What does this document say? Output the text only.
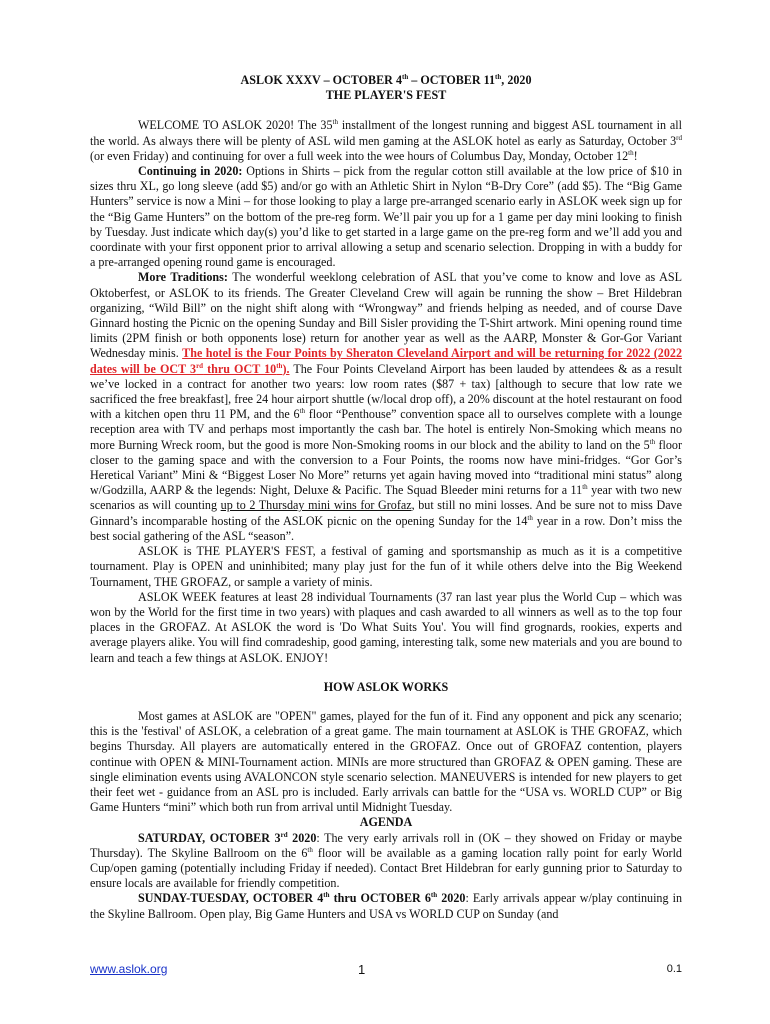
ASLOK XXXV – OCTOBER 4th – OCTOBER 11th, 2020
THE PLAYER'S FEST

WELCOME TO ASLOK 2020! The 35th installment of the longest running and biggest ASL tournament in all the world. As always there will be plenty of ASL wild men gaming at the ASLOK hotel as early as Saturday, October 3rd (or even Friday) and continuing for over a full week into the wee hours of Columbus Day, Monday, October 12th!

Continuing in 2020: Options in Shirts – pick from the regular cotton still available at the low price of $10 in sizes thru XL, go long sleeve (add $5) and/or go with an Athletic Shirt in Nylon “B-Dry Core” (add $5). The “Big Game Hunters” service is now a Mini – for those looking to play a large pre-arranged scenario early in ASLOK week sign up for the “Big Game Hunters” on the bottom of the pre-reg form. We’ll pair you up for a 1 game per day mini looking to finish by Tuesday. Just indicate which day(s) you’d like to get started in a large game on the pre-reg form and we’ll add you and coordinate with your first opponent prior to arrival allowing a setup and scenario selection. Dropping in with a buddy for a pre-arranged opening round game is encouraged.

More Traditions: The wonderful weeklong celebration of ASL that you’ve come to know and love as ASL Oktoberfest, or ASLOK to its friends. The Greater Cleveland Crew will again be running the show – Bret Hildebran organizing, “Wild Bill” on the night shift along with “Wrongway” and friends helping as needed, and of course Dave Ginnard hosting the Picnic on the opening Sunday and Bill Sisler providing the T-Shirt artwork. Mini opening round time limits (2PM finish or both opponents lose) return for another year as well as the AARP, Monster & Gor-Gor Variant Wednesday minis. The hotel is the Four Points by Sheraton Cleveland Airport and will be returning for 2022 (2022 dates will be OCT 3rd thru OCT 10th). The Four Points Cleveland Airport has been lauded by attendees & as a result we’ve locked in a contract for another two years: low room rates ($87 + tax) [although to secure that low rate we sacrificed the free breakfast], free 24 hour airport shuttle (w/local drop off), a 20% discount at the hotel restaurant on food with a kitchen open thru 11 PM, and the 6th floor “Penthouse” convention space all to ourselves complete with a lounge reception area with TV and perhaps most importantly the cash bar. The hotel is entirely Non-Smoking which means no more Burning Wreck room, but the good is more Non-Smoking rooms in our block and the ability to land on the 5th floor closer to the gaming space and with the conversion to a Four Points, the rooms now have mini-fridges. “Gor Gor’s Heretical Variant” Mini & “Biggest Loser No More” returns yet again having moved into “traditional mini status” along w/Godzilla, AARP & the legends: Night, Deluxe & Pacific. The Squad Bleeder mini returns for a 11th year with two new scenarios as will counting up to 2 Thursday mini wins for Grofaz, but still no mini losses. And be sure not to miss Dave Ginnard’s incomparable hosting of the ASLOK picnic on the opening Sunday for the 14th year in a row. Don’t miss the best social gathering of the ASL “season”.

ASLOK is THE PLAYER'S FEST, a festival of gaming and sportsmanship as much as it is a competitive tournament. Play is OPEN and uninhibited; many play just for the fun of it while others delve into the Big Weekend Tournament, THE GROFAZ, or sample a variety of minis.

ASLOK WEEK features at least 28 individual Tournaments (37 ran last year plus the World Cup – which was won by the World for the first time in two years) with plaques and cash awarded to all winners as well as to the top four places in the GROFAZ. At ASLOK the word is 'Do What Suits You'. You will find grognards, rookies, experts and average players alike. You will find comradeship, good gaming, interesting talk, some new materials and you are bound to learn and teach a few things at ASLOK. ENJOY!

HOW ASLOK WORKS

Most games at ASLOK are "OPEN" games, played for the fun of it. Find any opponent and pick any scenario; this is the 'festival' of ASLOK, a celebration of a great game. The main tournament at ASLOK is THE GROFAZ, which begins Thursday. All players are automatically entered in the GROFAZ. Once out of GROFAZ contention, players continue with OPEN & MINI-Tournament action. MINIs are more structured than GROFAZ & OPEN gaming. These are single elimination events using AVALONCON style scenario selection. MANEUVERS is intended for new players to get their feet wet - guidance from an ASL pro is included. Early arrivals can battle for the “USA vs. WORLD CUP” or Big Game Hunters “mini” which both run from arrival until Midnight Tuesday.

AGENDA

SATURDAY, OCTOBER 3rd 2020: The very early arrivals roll in (OK – they showed on Friday or maybe Thursday). The Skyline Ballroom on the 6th floor will be available as a gaming location rally point for early World Cup/open gaming (potentially including Friday if needed). Contact Bret Hildebran for early gunning prior to Saturday to ensure locals are available for friendly competition.

SUNDAY-TUESDAY, OCTOBER 4th thru OCTOBER 6th 2020: Early arrivals appear w/play continuing in the Skyline Ballroom. Open play, Big Game Hunters and USA vs WORLD CUP on Sunday (and

www.aslok.org	1	0.1
